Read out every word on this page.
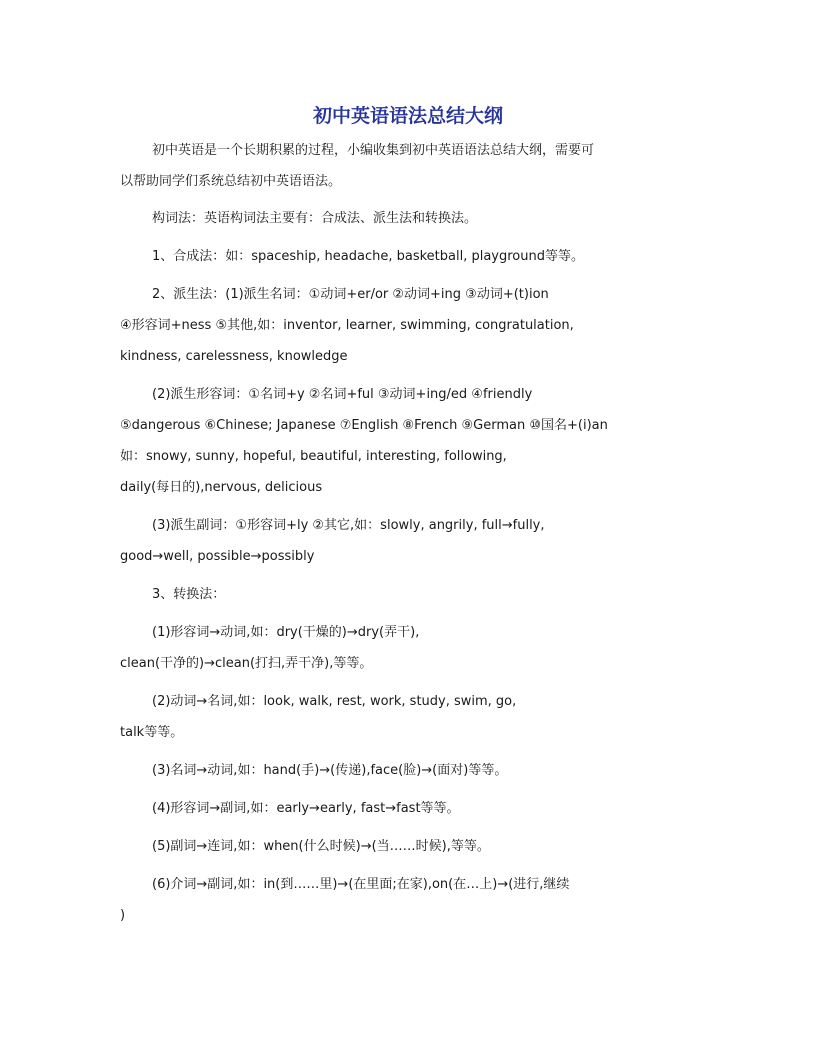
初中英语语法总结大纲

初中英语是一个长期积累的过程，小编收集到初中英语语法总结大纲，需要可

以帮助同学们系统总结初中英语语法。

构词法：英语构词法主要有：合成法、派生法和转换法。

1、合成法：如：spaceship, headache, basketball, playground等等。

2、派生法：(1)派生名词：①动词+er/or ②动词+ing ③动词+(t)ion

④形容词+ness ⑤其他,如：inventor, learner, swimming, congratulation,

kindness, carelessness, knowledge

(2)派生形容词：①名词+y ②名词+ful ③动词+ing/ed ④friendly

⑤dangerous ⑥Chinese; Japanese ⑦English ⑧French ⑨German ⑩国名+(i)an

如：snowy, sunny, hopeful, beautiful, interesting, following,

daily(每日的),nervous, delicious

(3)派生副词：①形容词+ly ②其它,如：slowly, angrily, full→fully,

good→well, possible→possibly

3、转换法：

(1)形容词→动词,如：dry(干燥的)→dry(弄干),

clean(干净的)→clean(打扫,弄干净),等等。

(2)动词→名词,如：look, walk, rest, work, study, swim, go,

talk等等。

(3)名词→动词,如：hand(手)→(传递),face(脸)→(面对)等等。

(4)形容词→副词,如：early→early, fast→fast等等。

(5)副词→连词,如：when(什么时候)→(当……时候),等等。

(6)介词→副词,如：in(到……里)→(在里面;在家),on(在…上)→(进行,继续

)
